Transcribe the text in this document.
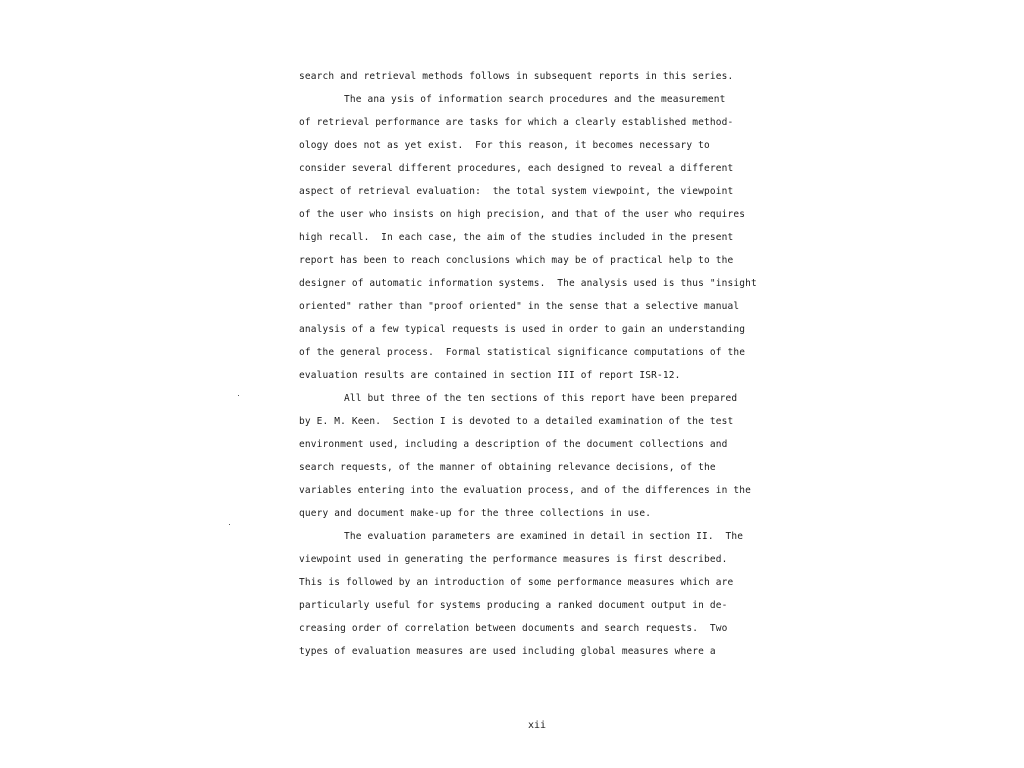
search and retrieval methods follows in subsequent reports in this series.
The ana ysis of information search procedures and the measurement
of retrieval performance are tasks for which a clearly established method-
ology does not as yet exist.  For this reason, it becomes necessary to
consider several different procedures, each designed to reveal a different
aspect of retrieval evaluation:  the total system viewpoint, the viewpoint
of the user who insists on high precision, and that of the user who requires
high recall.  In each case, the aim of the studies included in the present
report has been to reach conclusions which may be of practical help to the
designer of automatic information systems.  The analysis used is thus "insight
oriented" rather than "proof oriented" in the sense that a selective manual
analysis of a few typical requests is used in order to gain an understanding
of the general process.  Formal statistical significance computations of the
evaluation results are contained in section III of report ISR-12.
All but three of the ten sections of this report have been prepared
by E. M. Keen.  Section I is devoted to a detailed examination of the test
environment used, including a description of the document collections and
search requests, of the manner of obtaining relevance decisions, of the
variables entering into the evaluation process, and of the differences in the
query and document make-up for the three collections in use.
The evaluation parameters are examined in detail in section II.  The
viewpoint used in generating the performance measures is first described.
This is followed by an introduction of some performance measures which are
particularly useful for systems producing a ranked document output in de-
creasing order of correlation between documents and search requests.  Two
types of evaluation measures are used including global measures where a
xii
